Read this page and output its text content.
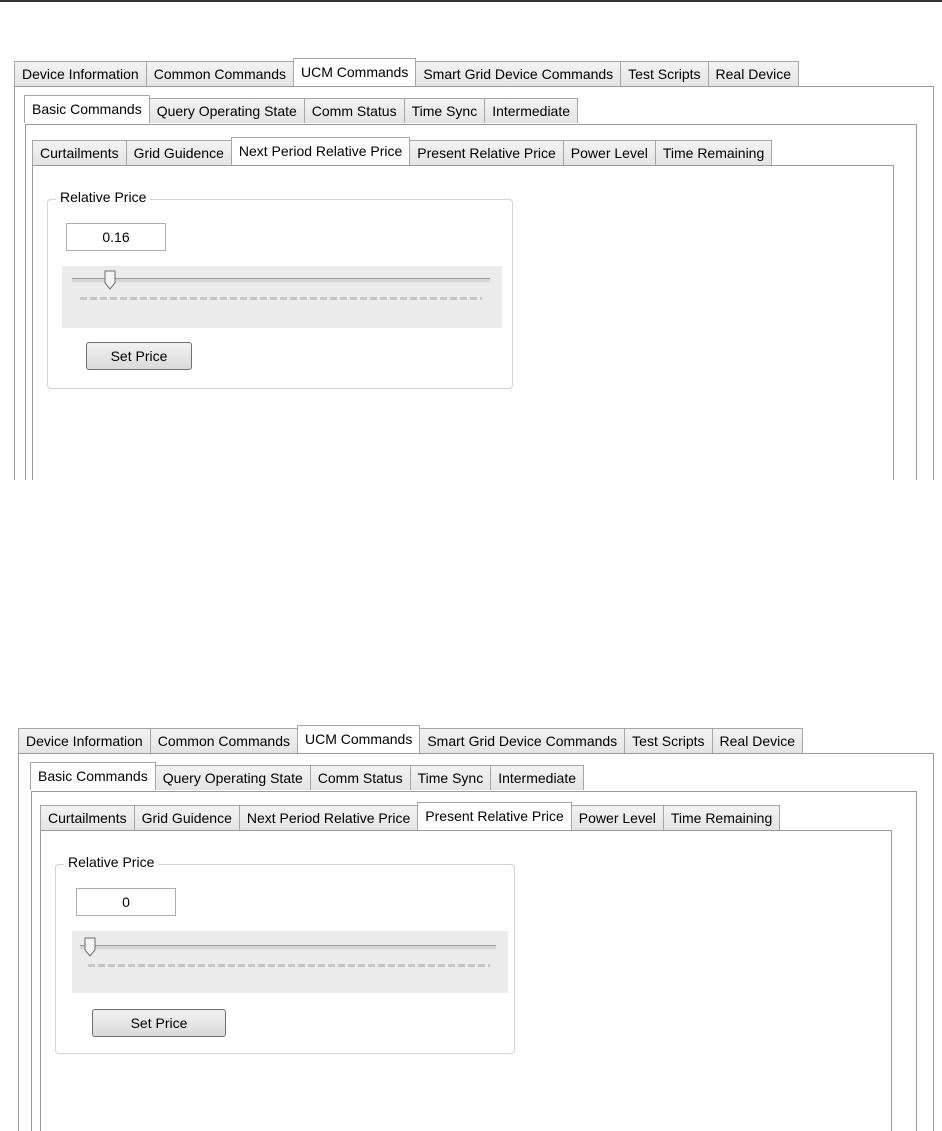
Device Information	Common Commands	UCM Commands	Smart Grid Device Commands	Test Scripts	Real Device
Basic Commands	Query Operating State	Comm Status	Time Sync	Intermediate
Curtailments	Grid Guidence	Next Period Relative Price	Present Relative Price	Power Level	Time Remaining
Relative Price
0.16
Set Price
Device Information	Common Commands	UCM Commands	Smart Grid Device Commands	Test Scripts	Real Device
Basic Commands	Query Operating State	Comm Status	Time Sync	Intermediate
Curtailments	Grid Guidence	Next Period Relative Price	Present Relative Price	Power Level	Time Remaining
Relative Price
0
Set Price
